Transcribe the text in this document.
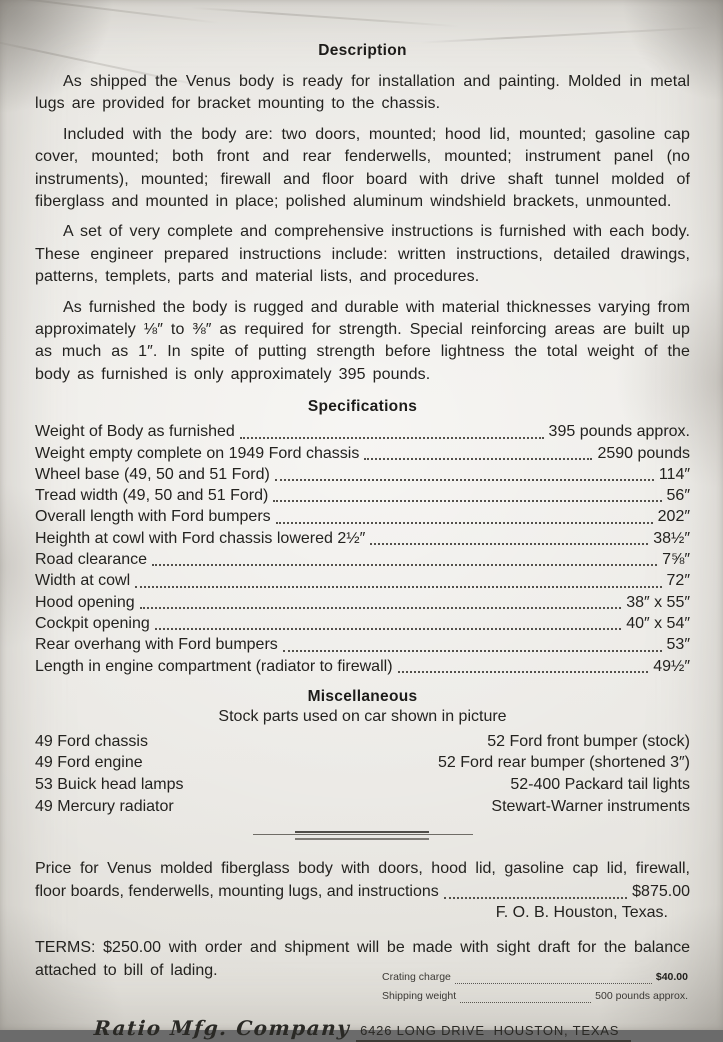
Description

As shipped the Venus body is ready for installation and painting. Molded in metal lugs are provided for bracket mounting to the chassis.

Included with the body are: two doors, mounted; hood lid, mounted; gasoline cap cover, mounted; both front and rear fenderwells, mounted; instrument panel (no instruments), mounted; firewall and floor board with drive shaft tunnel molded of fiberglass and mounted in place; polished aluminum windshield brackets, unmounted.

A set of very complete and comprehensive instructions is furnished with each body. These engineer prepared instructions include: written instructions, detailed drawings, patterns, templets, parts and material lists, and procedures.

As furnished the body is rugged and durable with material thicknesses varying from approximately ⅛″ to ⅜″ as required for strength. Special reinforcing areas are built up as much as 1″. In spite of putting strength before lightness the total weight of the body as furnished is only approximately 395 pounds.

Specifications
Weight of Body as furnished	395 pounds approx.
Weight empty complete on 1949 Ford chassis	2590 pounds
Wheel base (49, 50 and 51 Ford)	114″
Tread width (49, 50 and 51 Ford)	56″
Overall length with Ford bumpers	202″
Heighth at cowl with Ford chassis lowered 2½″	38½″
Road clearance	7⅝″
Width at cowl	72″
Hood opening	38″ x 55″
Cockpit opening	40″ x 54″
Rear overhang with Ford bumpers	53″
Length in engine compartment (radiator to firewall)	49½″
Miscellaneous
Stock parts used on car shown in picture
49 Ford chassis
49 Ford engine
53 Buick head lamps
49 Mercury radiator
52 Ford front bumper (stock)
52 Ford rear bumper (shortened 3″)
52-400 Packard tail lights
Stewart-Warner instruments
Price for Venus molded fiberglass body with doors, hood lid, gasoline cap lid, firewall,
floor boards, fenderwells, mounting lugs, and instructions	$875.00
F. O. B. Houston, Texas.

TERMS: $250.00 with order and shipment will be made with sight draft for the balance attached to bill of lading.	Crating charge	$40.00
Shipping weight	500 pounds approx.
Ratio Mfg. Company 6426 LONG DRIVE  HOUSTON, TEXAS
